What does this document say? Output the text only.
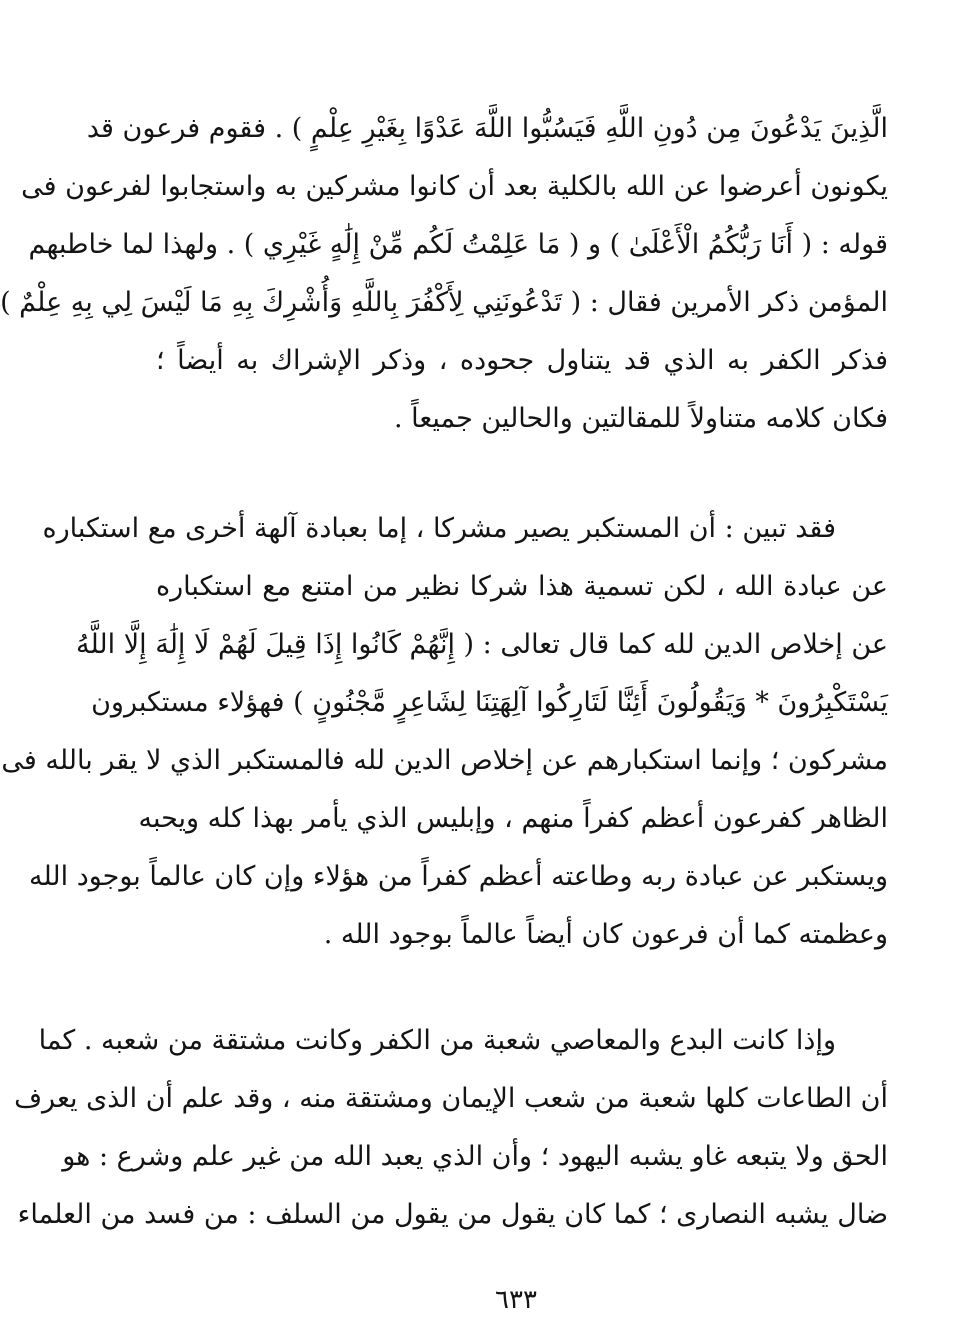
الَّذِينَ يَدْعُونَ مِن دُونِ اللَّهِ فَيَسُبُّوا اللَّهَ عَدْوًا بِغَيْرِ عِلْمٍ ) . فقوم فرعون قد
يكونون أعرضوا عن الله بالكلية بعد أن كانوا مشركين به واستجابوا لفرعون فى
قوله : ( أَنَا رَبُّكُمُ الْأَعْلَىٰ ) و ( مَا عَلِمْتُ لَكُم مِّنْ إِلَٰهٍ غَيْرِي ) . ولهذا لما خاطبهم
المؤمن ذكر الأمرين فقال : ( تَدْعُونَنِي لِأَكْفُرَ بِاللَّهِ وَأُشْرِكَ بِهِ مَا لَيْسَ لِي بِهِ عِلْمٌ )
فذكر الكفر به الذي قد يتناول جحوده ، وذكر الإشراك به أيضاً ؛
فكان كلامه متناولاً للمقالتين والحالين جميعاً .
فقد تبين : أن المستكبر يصير مشركا ، إما بعبادة آلهة أخرى مع استكباره
عن عبادة الله ، لكن تسمية هذا شركا نظير من امتنع مع استكباره
عن إخلاص الدين لله كما قال تعالى : ( إِنَّهُمْ كَانُوا إِذَا قِيلَ لَهُمْ لَا إِلَٰهَ إِلَّا اللَّهُ
يَسْتَكْبِرُونَ * وَيَقُولُونَ أَئِنَّا لَتَارِكُوا آلِهَتِنَا لِشَاعِرٍ مَّجْنُونٍ ) فهؤلاء مستكبرون
مشركون ؛ وإنما استكبارهم عن إخلاص الدين لله فالمستكبر الذي لا يقر بالله فى
الظاهر كفرعون أعظم كفراً منهم ، وإبليس الذي يأمر بهذا كله ويحبه
ويستكبر عن عبادة ربه وطاعته أعظم كفراً من هؤلاء وإن كان عالماً بوجود الله
وعظمته كما أن فرعون كان أيضاً عالماً بوجود الله .
وإذا كانت البدع والمعاصي شعبة من الكفر وكانت مشتقة من شعبه . كما
أن الطاعات كلها شعبة من شعب الإيمان ومشتقة منه ، وقد علم أن الذى يعرف
الحق ولا يتبعه غاو يشبه اليهود ؛ وأن الذي يعبد الله من غير علم وشرع : هو
ضال يشبه النصارى ؛ كما كان يقول من يقول من السلف : من فسد من العلماء
٦٣٣
